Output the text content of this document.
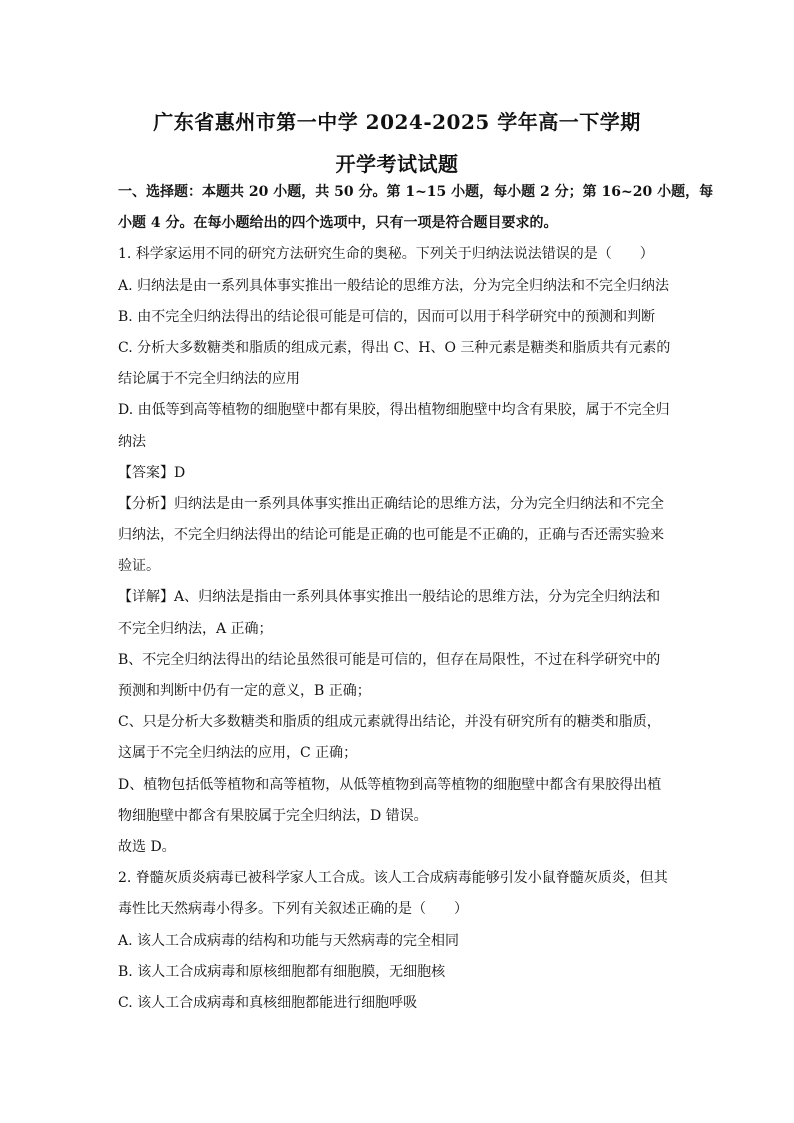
广东省惠州市第一中学 2024-2025 学年高一下学期
开学考试试题
一、选择题：本题共 20 小题，共 50 分。第 1~15 小题，每小题 2 分；第 16~20 小题，每
小题 4 分。在每小题给出的四个选项中，只有一项是符合题目要求的。
1. 科学家运用不同的研究方法研究生命的奥秘。下列关于归纳法说法错误的是（　　）
A. 归纳法是由一系列具体事实推出一般结论的思维方法，分为完全归纳法和不完全归纳法
B. 由不完全归纳法得出的结论很可能是可信的，因而可以用于科学研究中的预测和判断
C. 分析大多数糖类和脂质的组成元素，得出 C、H、O 三种元素是糖类和脂质共有元素的
结论属于不完全归纳法的应用
D. 由低等到高等植物的细胞壁中都有果胶，得出植物细胞壁中均含有果胶，属于不完全归
纳法
【答案】D
【分析】归纳法是由一系列具体事实推出正确结论的思维方法，分为完全归纳法和不完全
归纳法，不完全归纳法得出的结论可能是正确的也可能是不正确的，正确与否还需实验来
验证。
【详解】A、归纳法是指由一系列具体事实推出一般结论的思维方法，分为完全归纳法和
不完全归纳法，A 正确；
B、不完全归纳法得出的结论虽然很可能是可信的，但存在局限性，不过在科学研究中的
预测和判断中仍有一定的意义，B 正确；
C、只是分析大多数糖类和脂质的组成元素就得出结论，并没有研究所有的糖类和脂质，
这属于不完全归纳法的应用，C 正确；
D、植物包括低等植物和高等植物，从低等植物到高等植物的细胞壁中都含有果胶得出植
物细胞壁中都含有果胶属于完全归纳法，D 错误。
故选 D。
2. 脊髓灰质炎病毒已被科学家人工合成。该人工合成病毒能够引发小鼠脊髓灰质炎，但其
毒性比天然病毒小得多。下列有关叙述正确的是（　　）
A. 该人工合成病毒的结构和功能与天然病毒的完全相同
B. 该人工合成病毒和原核细胞都有细胞膜，无细胞核
C. 该人工合成病毒和真核细胞都能进行细胞呼吸
